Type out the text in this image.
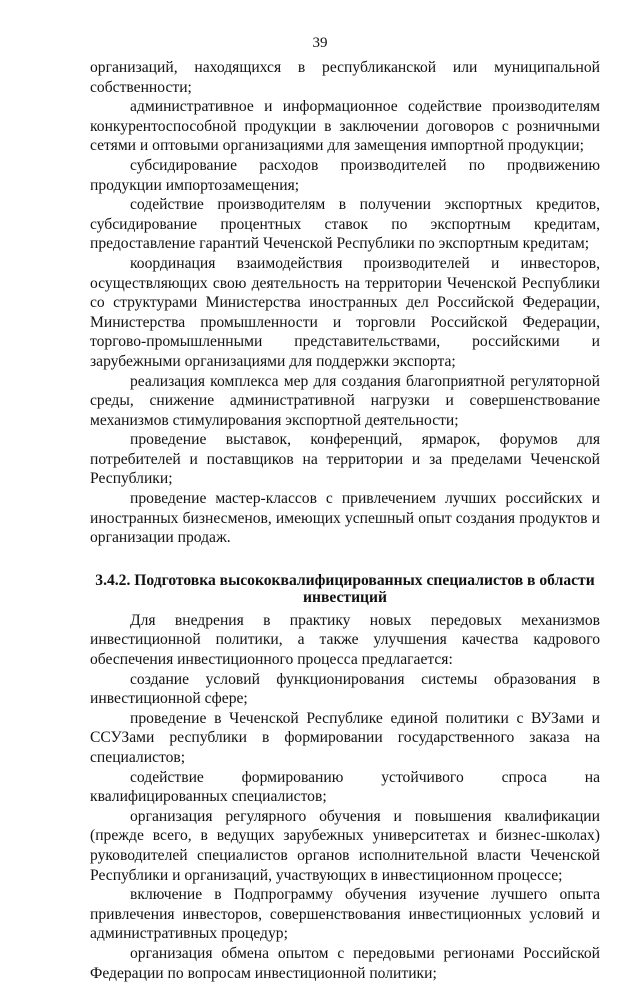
39

организаций, находящихся в республиканской или муниципальной собственности;

административное и информационное содействие производителям конкурентоспособной продукции в заключении договоров с розничными сетями и оптовыми организациями для замещения импортной продукции;

субсидирование расходов производителей по продвижению продукции импортозамещения;

содействие производителям в получении экспортных кредитов, субсидирование процентных ставок по экспортным кредитам, предоставление гарантий Чеченской Республики по экспортным кредитам;

координация взаимодействия производителей и инвесторов, осуществляющих свою деятельность на территории Чеченской Республики со структурами Министерства иностранных дел Российской Федерации, Министерства промышленности и торговли Российской Федерации, торгово-промышленными представительствами, российскими и зарубежными организациями для поддержки экспорта;

реализация комплекса мер для создания благоприятной регуляторной среды, снижение административной нагрузки и совершенствование механизмов стимулирования экспортной деятельности;

проведение выставок, конференций, ярмарок, форумов для потребителей и поставщиков на территории и за пределами Чеченской Республики;

проведение мастер-классов с привлечением лучших российских и иностранных бизнесменов, имеющих успешный опыт создания продуктов и организации продаж.

3.4.2. Подготовка высококвалифицированных специалистов в области инвестиций

Для внедрения в практику новых передовых механизмов инвестиционной политики, а также улучшения качества кадрового обеспечения инвестиционного процесса предлагается:

создание условий функционирования системы образования в инвестиционной сфере;

проведение в Чеченской Республике единой политики с ВУЗами и ССУЗами республики в формировании государственного заказа на специалистов;

содействие формированию устойчивого спроса на квалифицированных специалистов;

организация регулярного обучения и повышения квалификации (прежде всего, в ведущих зарубежных университетах и бизнес-школах) руководителей специалистов органов исполнительной власти Чеченской Республики и организаций, участвующих в инвестиционном процессе;

включение в Подпрограмму обучения изучение лучшего опыта привлечения инвесторов, совершенствования инвестиционных условий и административных процедур;

организация обмена опытом с передовыми регионами Российской Федерации по вопросам инвестиционной политики;
